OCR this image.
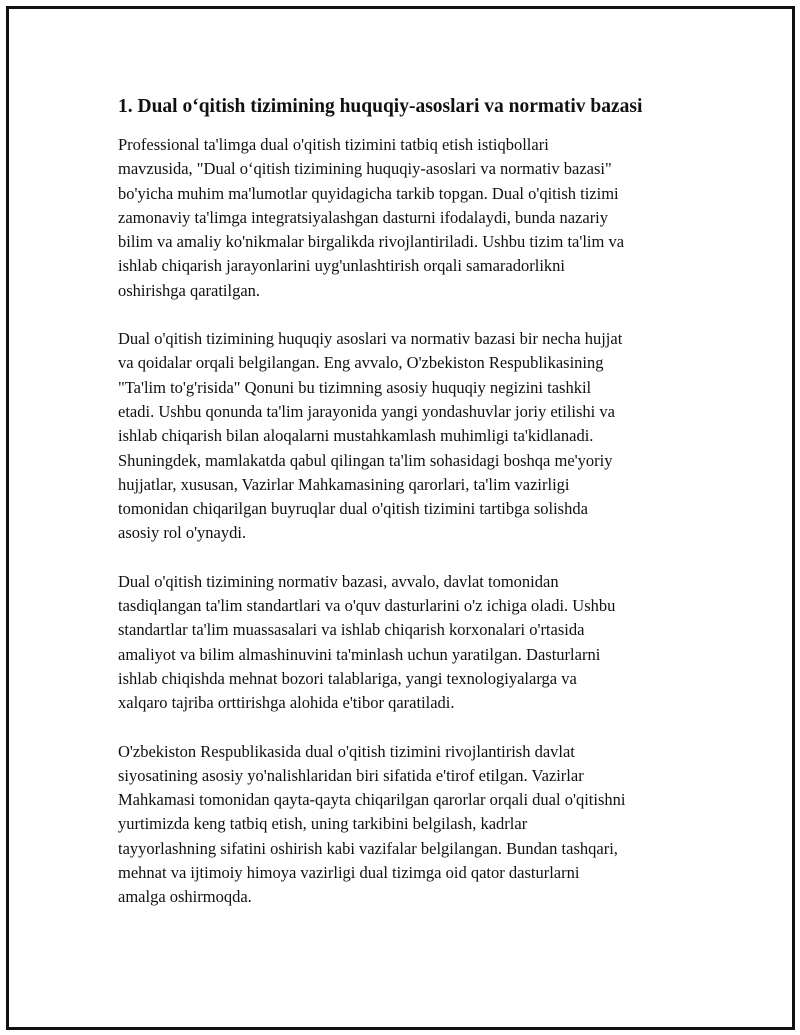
1. Dual o‘qitish tizimining huquqiy-asoslari va normativ bazasi

Professional ta'limga dual o'qitish tizimini tatbiq etish istiqbollari
mavzusida, "Dual o‘qitish tizimining huquqiy-asoslari va normativ bazasi"
bo'yicha muhim ma'lumotlar quyidagicha tarkib topgan. Dual o'qitish tizimi
zamonaviy ta'limga integratsiyalashgan dasturni ifodalaydi, bunda nazariy
bilim va amaliy ko'nikmalar birgalikda rivojlantiriladi. Ushbu tizim ta'lim va
ishlab chiqarish jarayonlarini uyg'unlashtirish orqali samaradorlikni
oshirishga qaratilgan.

Dual o'qitish tizimining huquqiy asoslari va normativ bazasi bir necha hujjat
va qoidalar orqali belgilangan. Eng avvalo, O'zbekiston Respublikasining
"Ta'lim to'g'risida" Qonuni bu tizimning asosiy huquqiy negizini tashkil
etadi. Ushbu qonunda ta'lim jarayonida yangi yondashuvlar joriy etilishi va
ishlab chiqarish bilan aloqalarni mustahkamlash muhimligi ta'kidlanadi.
Shuningdek, mamlakatda qabul qilingan ta'lim sohasidagi boshqa me'yoriy
hujjatlar, xususan, Vazirlar Mahkamasining qarorlari, ta'lim vazirligi
tomonidan chiqarilgan buyruqlar dual o'qitish tizimini tartibga solishda
asosiy rol o'ynaydi.

Dual o'qitish tizimining normativ bazasi, avvalo, davlat tomonidan
tasdiqlangan ta'lim standartlari va o'quv dasturlarini o'z ichiga oladi. Ushbu
standartlar ta'lim muassasalari va ishlab chiqarish korxonalari o'rtasida
amaliyot va bilim almashinuvini ta'minlash uchun yaratilgan. Dasturlarni
ishlab chiqishda mehnat bozori talablariga, yangi texnologiyalarga va
xalqaro tajriba orttirishga alohida e'tibor qaratiladi.

O'zbekiston Respublikasida dual o'qitish tizimini rivojlantirish davlat
siyosatining asosiy yo'nalishlaridan biri sifatida e'tirof etilgan. Vazirlar
Mahkamasi tomonidan qayta-qayta chiqarilgan qarorlar orqali dual o'qitishni
yurtimizda keng tatbiq etish, uning tarkibini belgilash, kadrlar
tayyorlashning sifatini oshirish kabi vazifalar belgilangan. Bundan tashqari,
mehnat va ijtimoiy himoya vazirligi dual tizimga oid qator dasturlarni
amalga oshirmoqda.
